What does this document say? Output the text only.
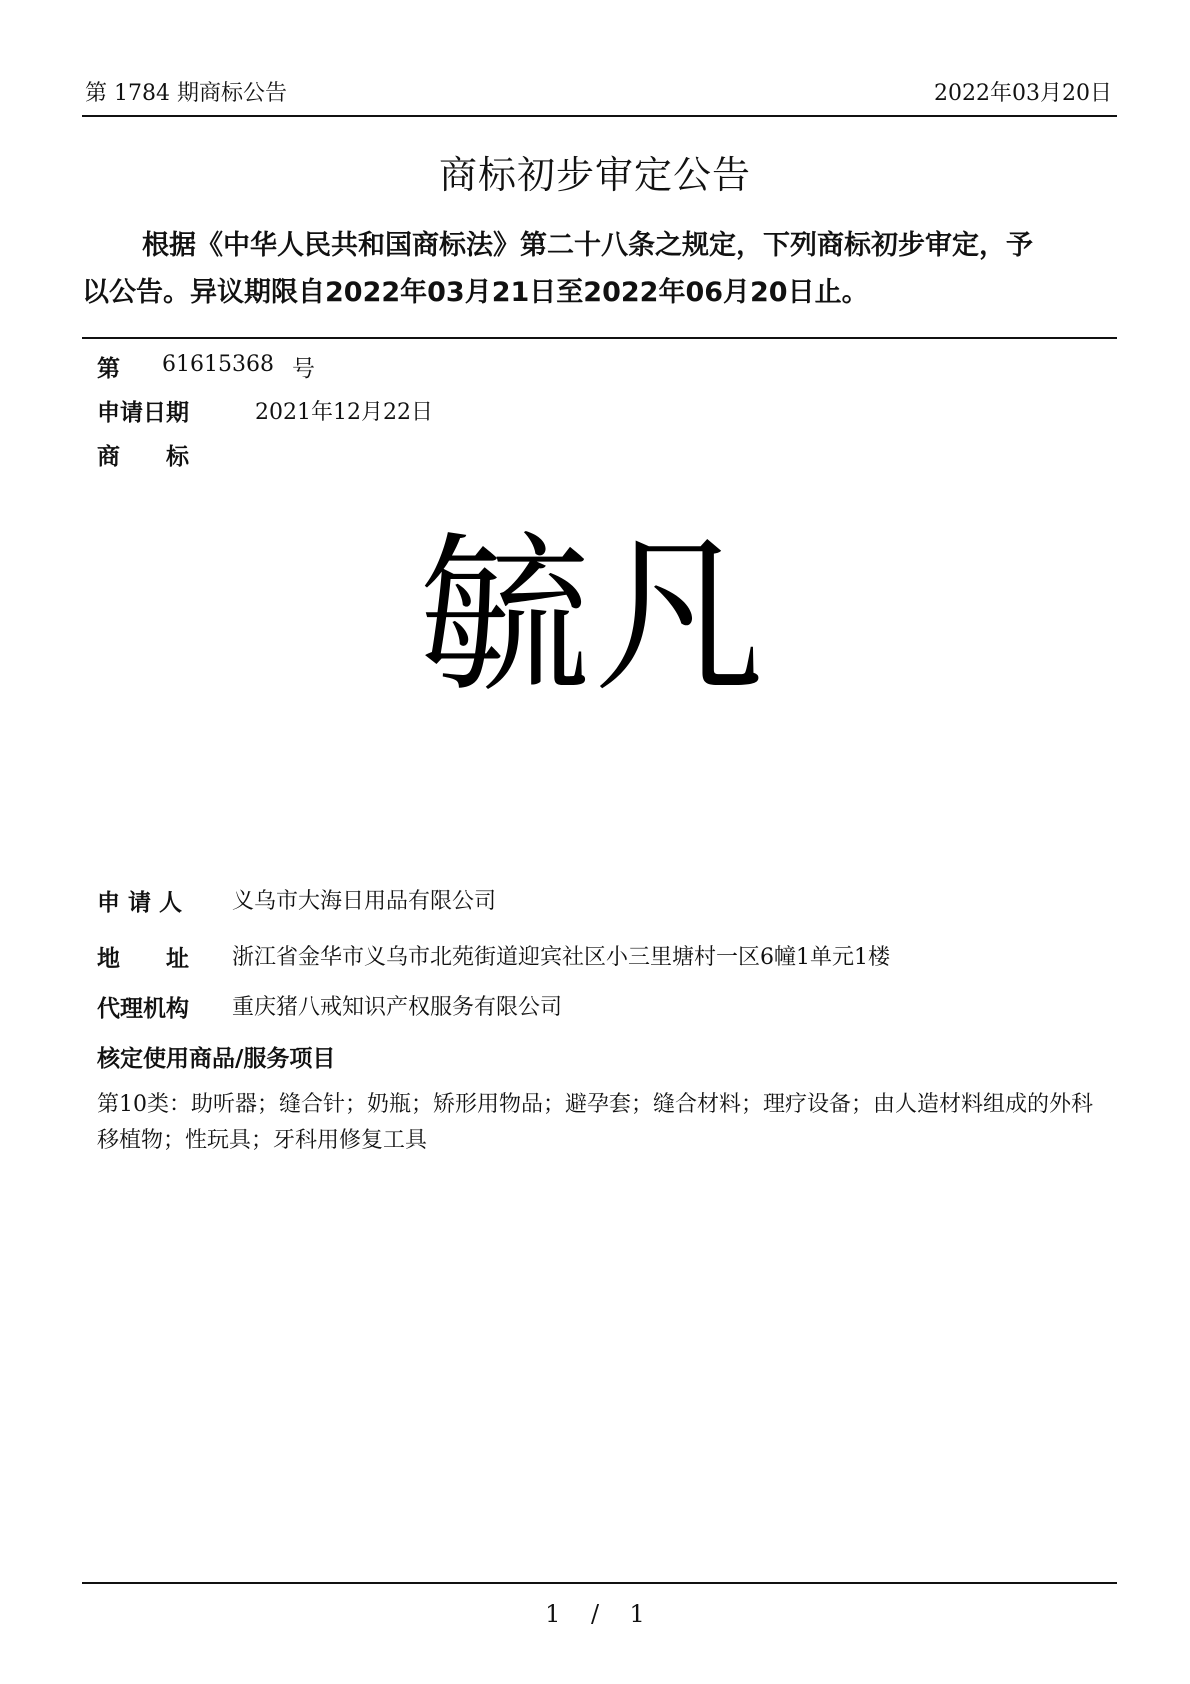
第 1784 期商标公告	2022年03月20日
商标初步审定公告
根据《中华人民共和国商标法》第二十八条之规定，下列商标初步审定，予
以公告。异议期限自2022年03月21日至2022年06月20日止。
第 61615368 号
申请日期	2021年12月22日
商　　标
毓凡
申 请 人 义乌市大海日用品有限公司
地　　址 浙江省金华市义乌市北苑街道迎宾社区小三里塘村一区6幢1单元1楼
代理机构 重庆猪八戒知识产权服务有限公司
核定使用商品/服务项目
第10类：助听器；缝合针；奶瓶；矫形用物品；避孕套；缝合材料；理疗设备；由人造材料组成的外科移植物；性玩具；牙科用修复工具
1    /    1
